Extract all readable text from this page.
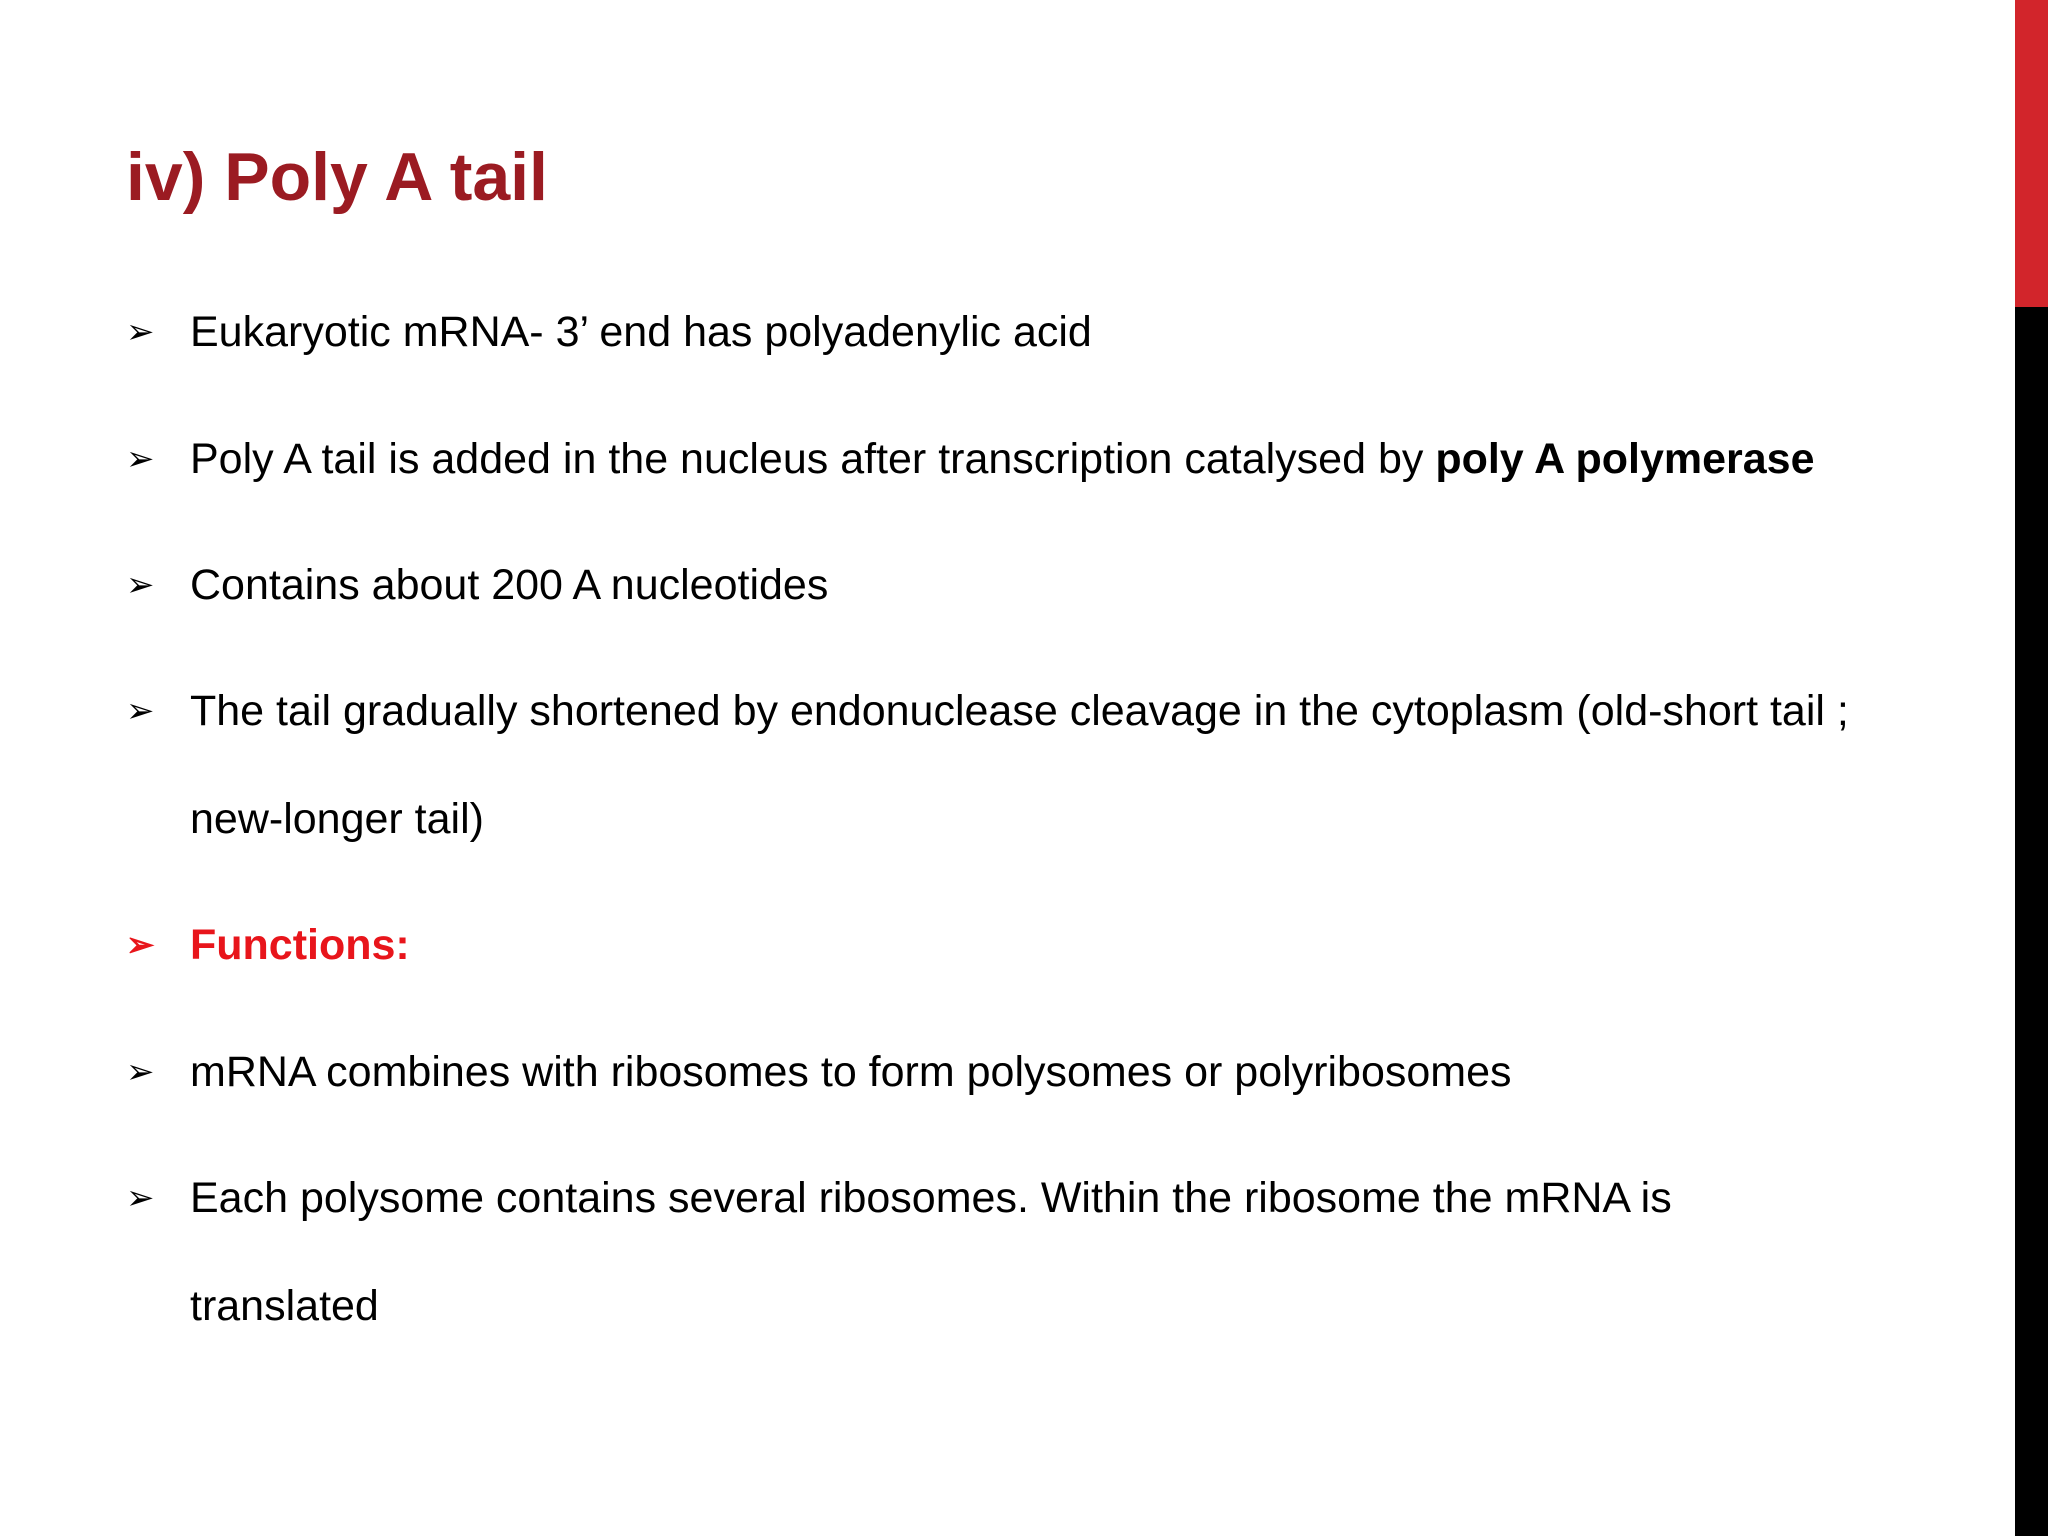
iv) Poly A tail
➢ Eukaryotic mRNA- 3’ end has polyadenylic acid
➢ Poly A tail is added in the nucleus after transcription catalysed by poly A polymerase
➢ Contains about 200 A nucleotides
➢ The tail gradually shortened by endonuclease cleavage in the cytoplasm (old-short tail ; new-longer tail)
➢ Functions:
➢ mRNA combines with ribosomes to form polysomes or polyribosomes
➢ Each polysome contains several ribosomes. Within the ribosome the mRNA is translated
